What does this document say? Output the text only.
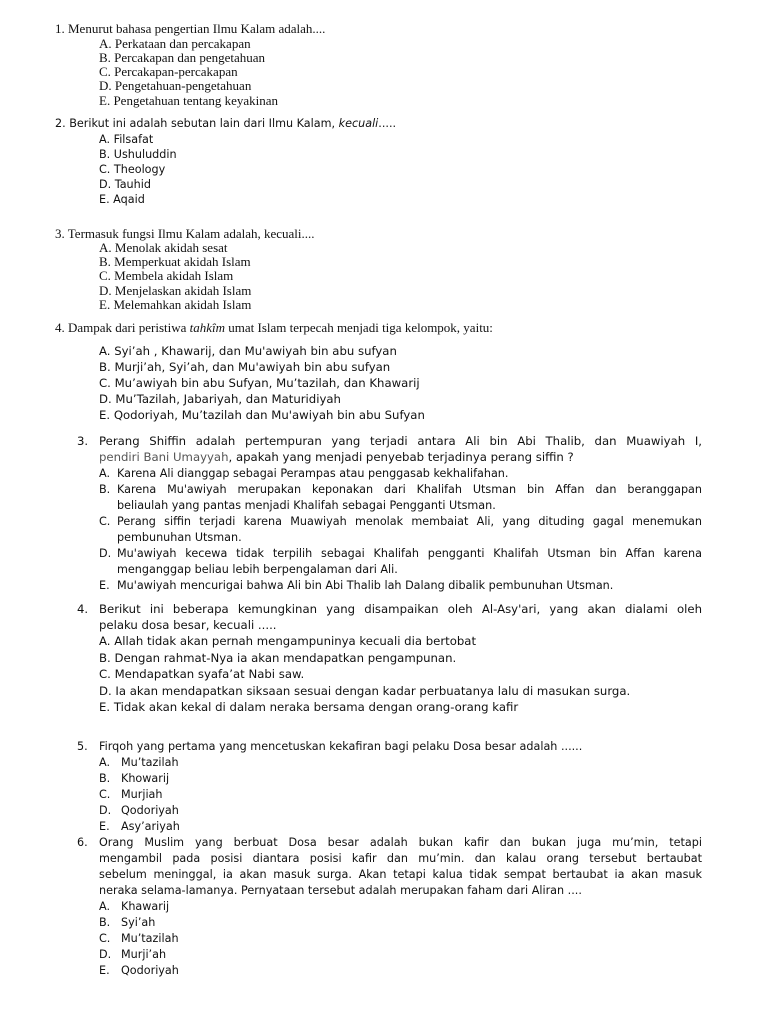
1. Menurut bahasa pengertian Ilmu Kalam adalah....
A. Perkataan dan percakapan
B. Percakapan dan pengetahuan
C. Percakapan-percakapan
D. Pengetahuan-pengetahuan
E. Pengetahuan tentang keyakinan
2. Berikut ini adalah sebutan lain dari Ilmu Kalam, kecuali.....
A. Filsafat
B. Ushuluddin
C. Theology
D. Tauhid
E. Aqaid
3. Termasuk fungsi Ilmu Kalam adalah, kecuali....
A. Menolak akidah sesat
B. Memperkuat akidah Islam
C. Membela akidah Islam
D. Menjelaskan akidah Islam
E. Melemahkan akidah Islam
4. Dampak dari peristiwa tahkîm umat Islam terpecah menjadi tiga kelompok, yaitu:
A. Syi’ah , Khawarij, dan Mu'awiyah bin abu sufyan
B. Murji’ah, Syi’ah, dan Mu'awiyah bin abu sufyan
C. Mu’awiyah bin abu Sufyan, Mu’tazilah, dan Khawarij
D. Mu’Tazilah, Jabariyah, dan Maturidiyah
E. Qodoriyah, Mu’tazilah dan Mu'awiyah bin abu Sufyan
3. Perang Shiffin adalah pertempuran yang terjadi antara Ali bin Abi Thalib, dan Muawiyah I,
pendiri Bani Umayyah, apakah yang menjadi penyebab terjadinya perang siffin ?
A. Karena Ali dianggap sebagai Perampas atau penggasab kekhalifahan.
B. Karena Mu'awiyah merupakan keponakan dari Khalifah Utsman bin Affan dan beranggapan
beliaulah yang pantas menjadi Khalifah sebagai Pengganti Utsman.
C. Perang siffin terjadi karena Muawiyah menolak membaiat Ali, yang dituding gagal menemukan
pembunuhan Utsman.
D. Mu'awiyah kecewa tidak terpilih sebagai Khalifah pengganti Khalifah Utsman bin Affan karena
menganggap beliau lebih berpengalaman dari Ali.
E. Mu'awiyah mencurigai bahwa Ali bin Abi Thalib lah Dalang dibalik pembunuhan Utsman.
4. Berikut ini beberapa kemungkinan yang disampaikan oleh Al-Asy'ari, yang akan dialami oleh
pelaku dosa besar, kecuali .....
A. Allah tidak akan pernah mengampuninya kecuali dia bertobat
B. Dengan rahmat-Nya ia akan mendapatkan pengampunan.
C. Mendapatkan syafa’at Nabi saw.
D. Ia akan mendapatkan siksaan sesuai dengan kadar perbuatanya lalu di masukan surga.
E. Tidak akan kekal di dalam neraka bersama dengan orang-orang kafir
5. Firqoh yang pertama yang mencetuskan kekafiran bagi pelaku Dosa besar adalah ......
A. Mu’tazilah
B. Khowarij
C. Murjiah
D. Qodoriyah
E. Asy’ariyah
6. Orang Muslim yang berbuat Dosa besar adalah bukan kafir dan bukan juga mu’min, tetapi
mengambil pada posisi diantara posisi kafir dan mu’min. dan kalau orang tersebut bertaubat
sebelum meninggal, ia akan masuk surga. Akan tetapi kalua tidak sempat bertaubat ia akan masuk
neraka selama-lamanya. Pernyataan tersebut adalah merupakan faham dari Aliran ....
A. Khawarij
B. Syi’ah
C. Mu’tazilah
D. Murji’ah
E. Qodoriyah
